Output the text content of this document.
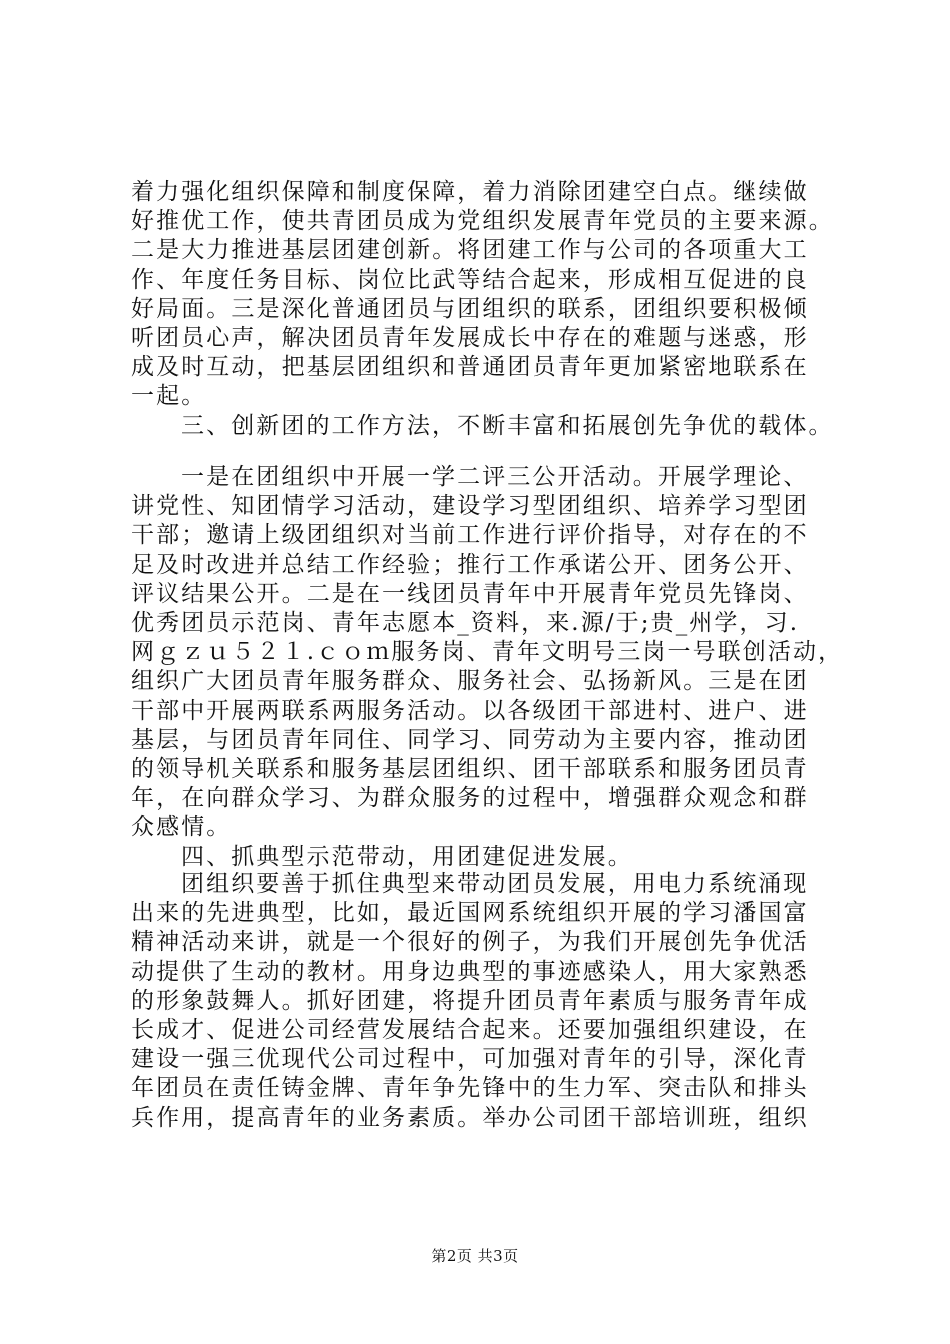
着力强化组织保障和制度保障，着力消除团建空白点。继续做
好推优工作，使共青团员成为党组织发展青年党员的主要来源。
二是大力推进基层团建创新。将团建工作与公司的各项重大工
作、年度任务目标、岗位比武等结合起来，形成相互促进的良
好局面。三是深化普通团员与团组织的联系，团组织要积极倾
听团员心声，解决团员青年发展成长中存在的难题与迷惑，形
成及时互动，把基层团组织和普通团员青年更加紧密地联系在
一起。
三、创新团的工作方法，不断丰富和拓展创先争优的载体。
一是在团组织中开展一学二评三公开活动。开展学理论、
讲党性、知团情学习活动，建设学习型团组织、培养学习型团
干部；邀请上级团组织对当前工作进行评价指导，对存在的不
足及时改进并总结工作经验；推行工作承诺公开、团务公开、
评议结果公开。二是在一线团员青年中开展青年党员先锋岗、
优秀团员示范岗、青年志愿本_资料，来.源/于;贵_州学，习.
网ｇｚｕ５２１.ｃｏｍ服务岗、青年文明号三岗一号联创活动，
组织广大团员青年服务群众、服务社会、弘扬新风。三是在团
干部中开展两联系两服务活动。以各级团干部进村、进户、进
基层，与团员青年同住、同学习、同劳动为主要内容，推动团
的领导机关联系和服务基层团组织、团干部联系和服务团员青
年，在向群众学习、为群众服务的过程中，增强群众观念和群
众感情。
四、抓典型示范带动，用团建促进发展。
团组织要善于抓住典型来带动团员发展，用电力系统涌现
出来的先进典型，比如，最近国网系统组织开展的学习潘国富
精神活动来讲，就是一个很好的例子，为我们开展创先争优活
动提供了生动的教材。用身边典型的事迹感染人，用大家熟悉
的形象鼓舞人。抓好团建，将提升团员青年素质与服务青年成
长成才、促进公司经营发展结合起来。还要加强组织建设，在
建设一强三优现代公司过程中，可加强对青年的引导，深化青
年团员在责任铸金牌、青年争先锋中的生力军、突击队和排头
兵作用，提高青年的业务素质。举办公司团干部培训班，组织
第2页 共3页
